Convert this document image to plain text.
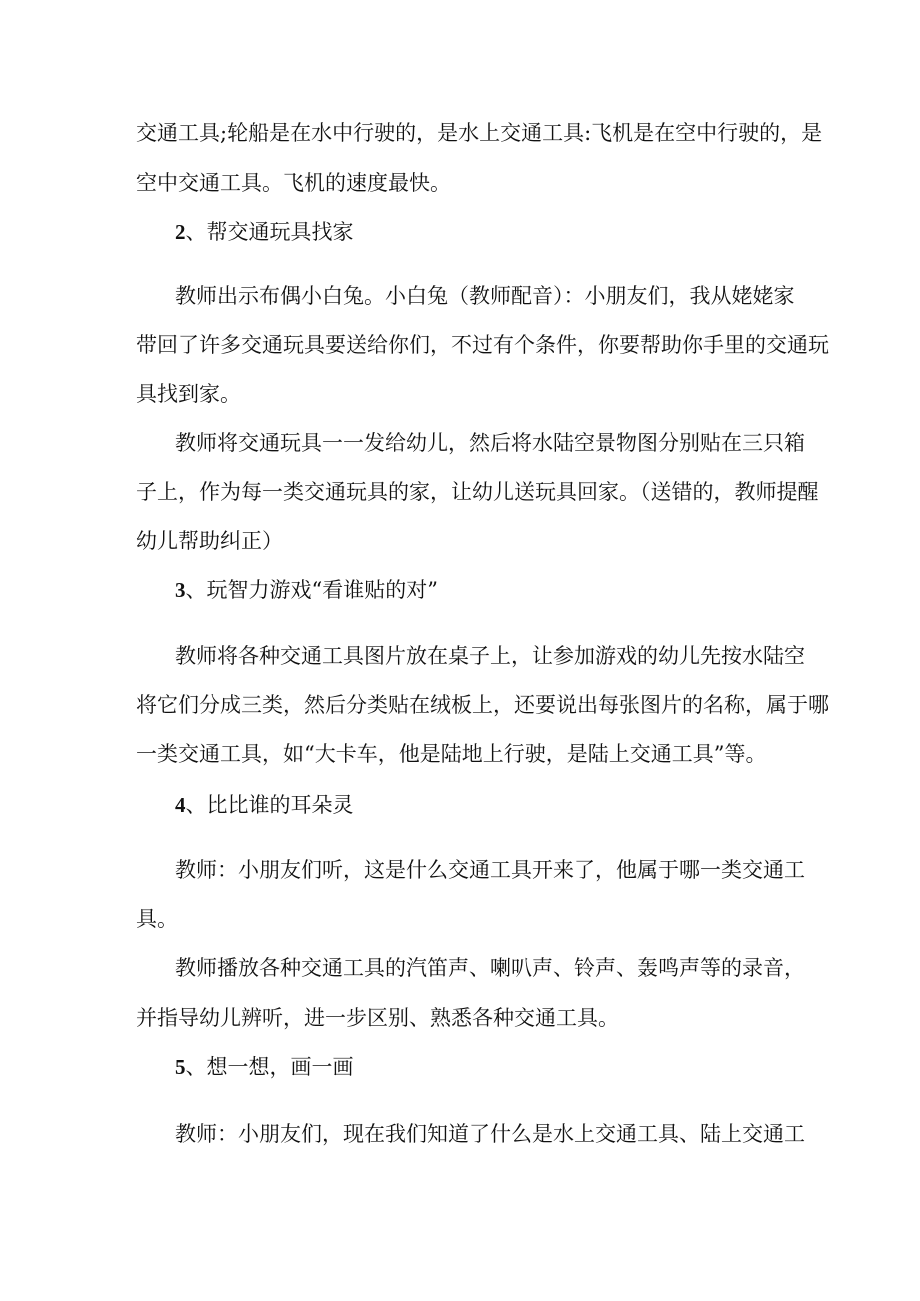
交通工具;轮船是在水中行驶的，是水上交通工具:飞机是在空中行驶的，是
空中交通工具。飞机的速度最快。
2、帮交通玩具找家
教师出示布偶小白兔。小白兔（教师配音）：小朋友们，我从姥姥家
带回了许多交通玩具要送给你们，不过有个条件，你要帮助你手里的交通玩
具找到家。
教师将交通玩具一一发给幼儿，然后将水陆空景物图分别贴在三只箱
子上，作为每一类交通玩具的家，让幼儿送玩具回家。（送错的，教师提醒
幼儿帮助纠正）
3、玩智力游戏“看谁贴的对”
教师将各种交通工具图片放在桌子上，让参加游戏的幼儿先按水陆空
将它们分成三类，然后分类贴在绒板上，还要说出每张图片的名称，属于哪
一类交通工具，如“大卡车，他是陆地上行驶，是陆上交通工具”等。
4、比比谁的耳朵灵
教师：小朋友们听，这是什么交通工具开来了，他属于哪一类交通工
具。
教师播放各种交通工具的汽笛声、喇叭声、铃声、轰鸣声等的录音，
并指导幼儿辨听，进一步区别、熟悉各种交通工具。
5、想一想，画一画
教师：小朋友们，现在我们知道了什么是水上交通工具、陆上交通工
